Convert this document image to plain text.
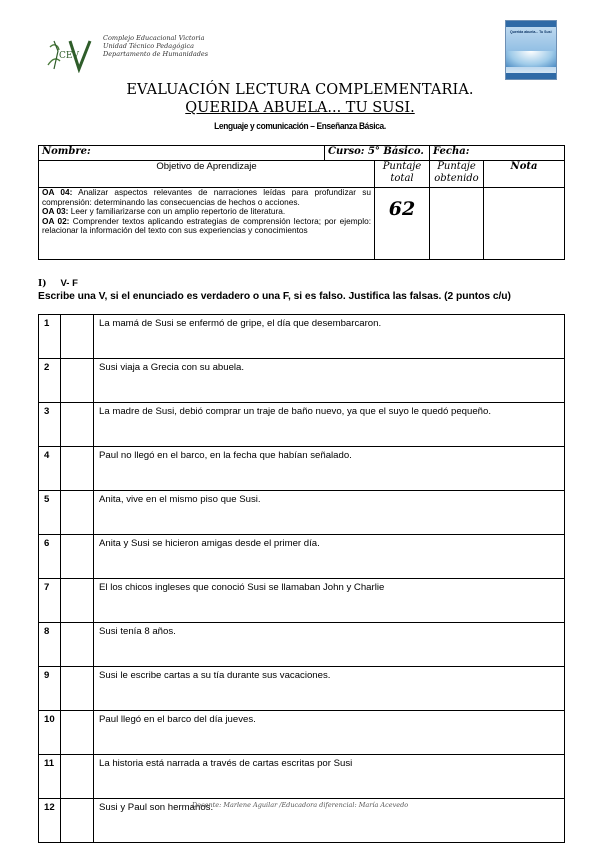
CEV
Complejo Educacional Victoria
Unidad Técnico Pedagógica
Departamento de Humanidades
Querida abuela... Tu Susi
EVALUACIÓN LECTURA COMPLEMENTARIA.
QUERIDA ABUELA... TU SUSI.
Lenguaje y comunicación – Enseñanza Básica.
Nombre:	Curso: 5° Básico.		Fecha:	
Objetivo de Aprendizaje		Puntaje total	Puntaje obtenido	Nota

OA 04: Analizar aspectos relevantes de narraciones leídas para profundizar su comprensión: determinando las consecuencias de hechos o acciones.
OA 03: Leer y familiarizarse con un amplio repertorio de literatura.
OA 02: Comprender textos aplicando estrategias de comprensión lectora; por ejemplo: relacionar la información del texto con sus experiencias y conocimientos		62		
I) V- F
Escribe una V, si el enunciado es verdadero o una F, si es falso. Justifica las falsas. (2 puntos c/u)
1		La mamá de Susi se enfermó de gripe, el día que desembarcaron.
2		Susi viaja a Grecia con su abuela.
3		La madre de Susi, debió comprar un traje de baño nuevo, ya que el suyo le quedó pequeño.
4		Paul no llegó en el barco, en la fecha que habían señalado.
5		Anita, vive en el mismo piso que Susi.
6		Anita y Susi se hicieron amigas desde el primer día.
7		El los chicos ingleses que conoció Susi se llamaban John y Charlie
8		Susi tenía 8 años.
9		Susi le escribe cartas a su tía durante sus vacaciones.
10		Paul llegó en el barco del día jueves.
11		La historia está narrada a través de cartas escritas por Susi
12		Susi y Paul son hermanos.
Docente: Marlene Aguilar /Educadora diferencial: María Acevedo
